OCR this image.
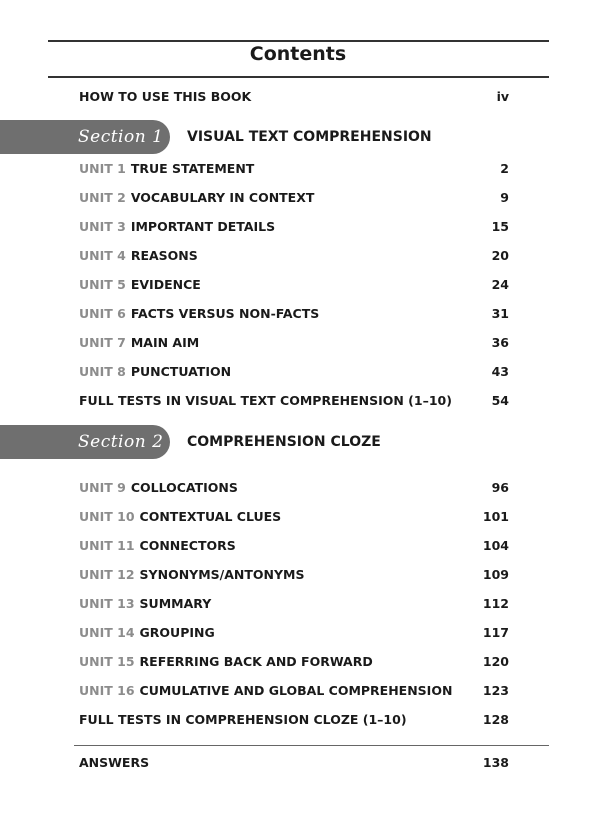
Contents
HOW TO USE THIS BOOK	iv
Section 1 VISUAL TEXT COMPREHENSION
UNIT 1 TRUE STATEMENT	2
UNIT 2 VOCABULARY IN CONTEXT	9
UNIT 3 IMPORTANT DETAILS	15
UNIT 4 REASONS	20
UNIT 5 EVIDENCE	24
UNIT 6 FACTS VERSUS NON-FACTS	31
UNIT 7 MAIN AIM	36
UNIT 8 PUNCTUATION	43
FULL TESTS IN VISUAL TEXT COMPREHENSION (1–10)	54
Section 2 COMPREHENSION CLOZE
UNIT 9 COLLOCATIONS	96
UNIT 10 CONTEXTUAL CLUES	101
UNIT 11 CONNECTORS	104
UNIT 12 SYNONYMS/ANTONYMS	109
UNIT 13 SUMMARY	112
UNIT 14 GROUPING	117
UNIT 15 REFERRING BACK AND FORWARD	120
UNIT 16 CUMULATIVE AND GLOBAL COMPREHENSION	123
FULL TESTS IN COMPREHENSION CLOZE (1–10)	128
ANSWERS	138
